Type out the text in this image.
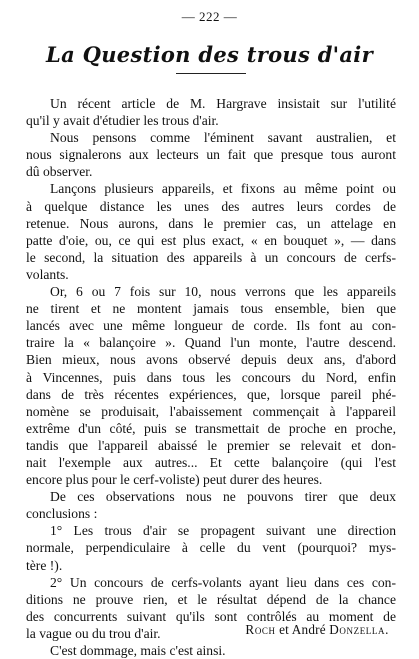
— 222 —
La Question des trous d'air
Un récent article de M. Hargrave insistait sur l'utilité
qu'il y avait d'étudier les trous d'air.
Nous pensons comme l'éminent savant australien, et
nous signalerons aux lecteurs un fait que presque tous auront
dû observer.
Lançons plusieurs appareils, et fixons au même point ou
à quelque distance les unes des autres leurs cordes de
retenue. Nous aurons, dans le premier cas, un attelage en
patte d'oie, ou, ce qui est plus exact, « en bouquet », — dans
le second, la situation des appareils à un concours de cerfs-
volants.
Or, 6 ou 7 fois sur 10, nous verrons que les appareils
ne tirent et ne montent jamais tous ensemble, bien que
lancés avec une même longueur de corde. Ils font au con-
traire la « balançoire ». Quand l'un monte, l'autre descend.
Bien mieux, nous avons observé depuis deux ans, d'abord
à Vincennes, puis dans tous les concours du Nord, enfin
dans de très récentes expériences, que, lorsque pareil phé-
nomène se produisait, l'abaissement commençait à l'appareil
extrême d'un côté, puis se transmettait de proche en proche,
tandis que l'appareil abaissé le premier se relevait et don-
nait l'exemple aux autres... Et cette balançoire (qui l'est
encore plus pour le cerf-voliste) peut durer des heures.
De ces observations nous ne pouvons tirer que deux
conclusions :
1° Les trous d'air se propagent suivant une direction
normale, perpendiculaire à celle du vent (pourquoi? mys-
tère !).
2° Un concours de cerfs-volants ayant lieu dans ces con-
ditions ne prouve rien, et le résultat dépend de la chance
des concurrents suivant qu'ils sont contrôlés au moment de
la vague ou du trou d'air.
C'est dommage, mais c'est ainsi.
Roch et André Donzella.
